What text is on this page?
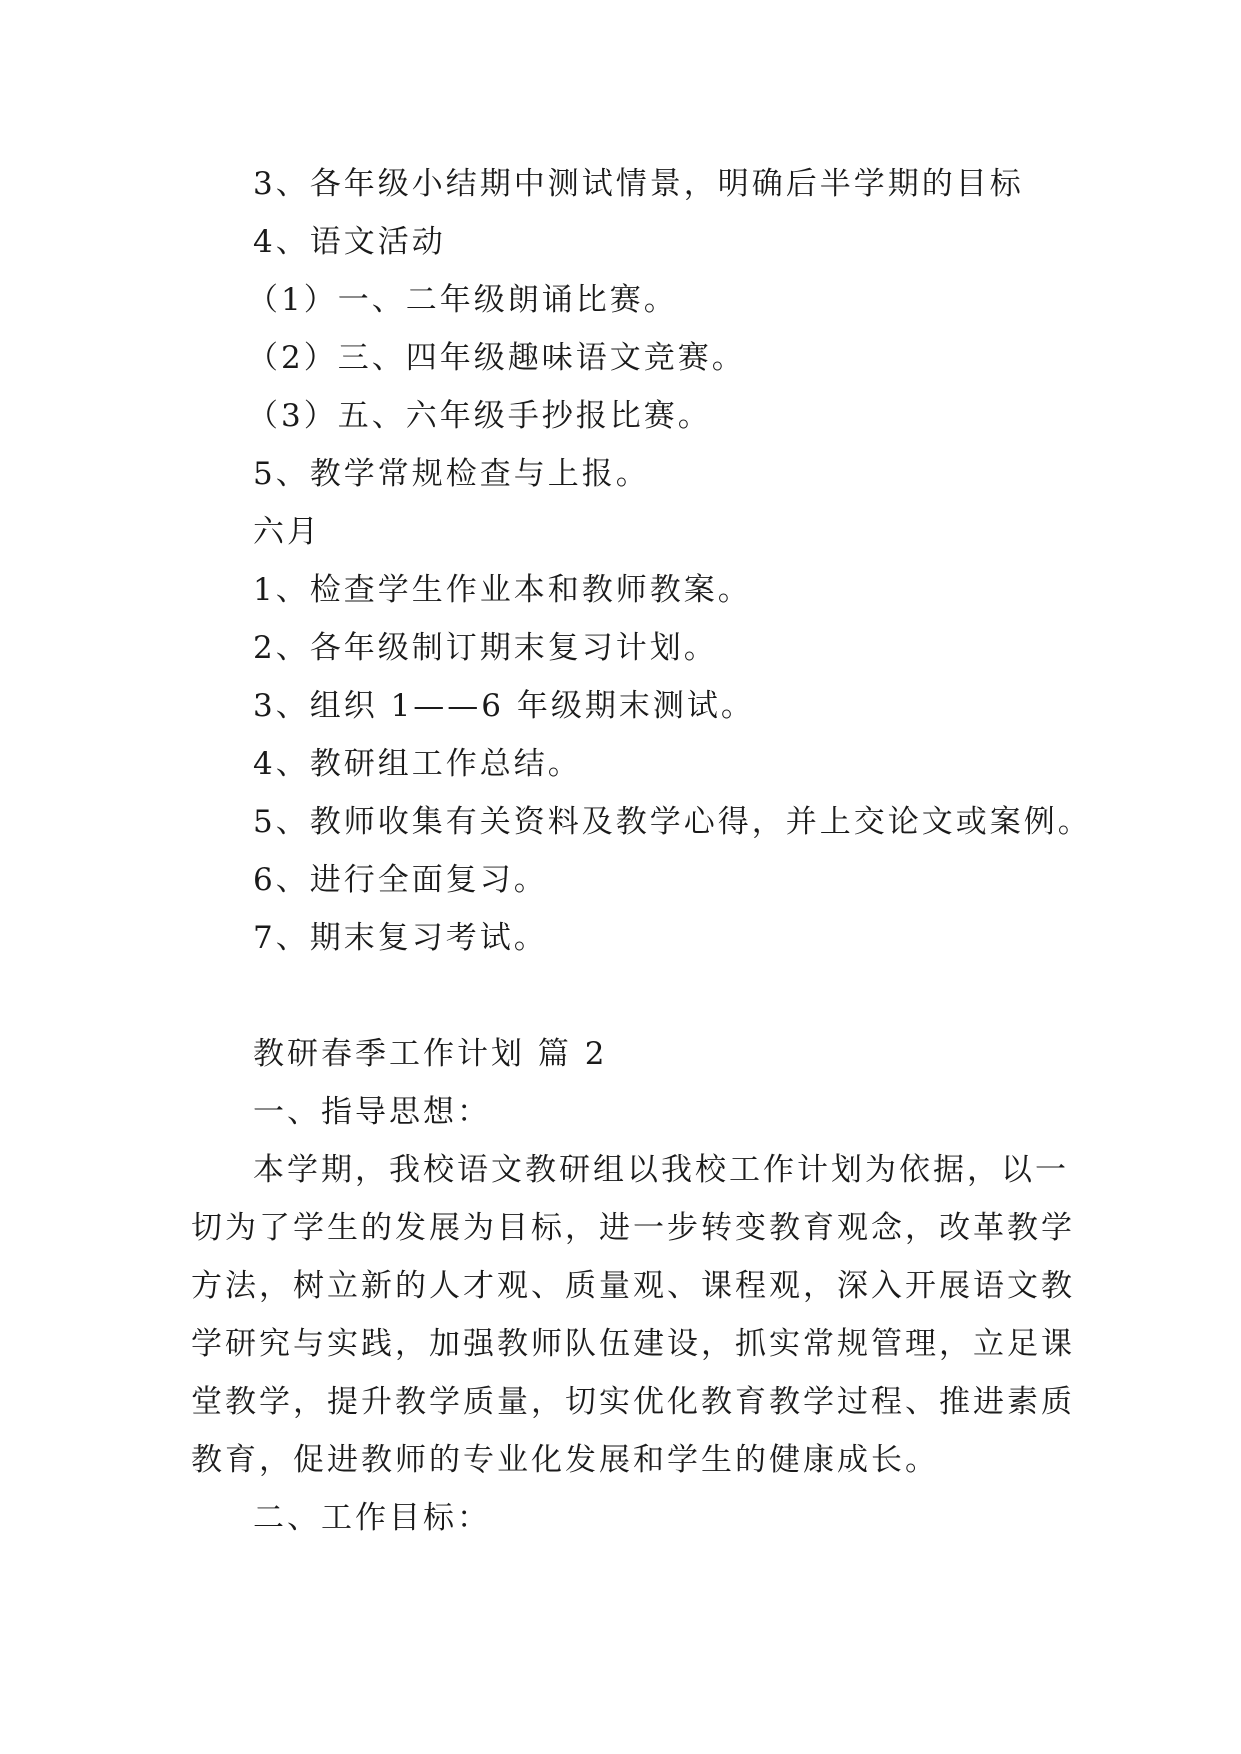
3、各年级小结期中测试情景，明确后半学期的目标
4、语文活动
（1）一、二年级朗诵比赛。
（2）三、四年级趣味语文竞赛。
（3）五、六年级手抄报比赛。
5、教学常规检查与上报。
六月
1、检查学生作业本和教师教案。
2、各年级制订期末复习计划。
3、组织 1——6 年级期末测试。
4、教研组工作总结。
5、教师收集有关资料及教学心得，并上交论文或案例。
6、进行全面复习。
7、期末复习考试。
教研春季工作计划 篇 2
一、指导思想：
本学期，我校语文教研组以我校工作计划为依据，以一
切为了学生的发展为目标，进一步转变教育观念，改革教学
方法，树立新的人才观、质量观、课程观，深入开展语文教
学研究与实践，加强教师队伍建设，抓实常规管理，立足课
堂教学，提升教学质量，切实优化教育教学过程、推进素质
教育，促进教师的专业化发展和学生的健康成长。
二、工作目标：
